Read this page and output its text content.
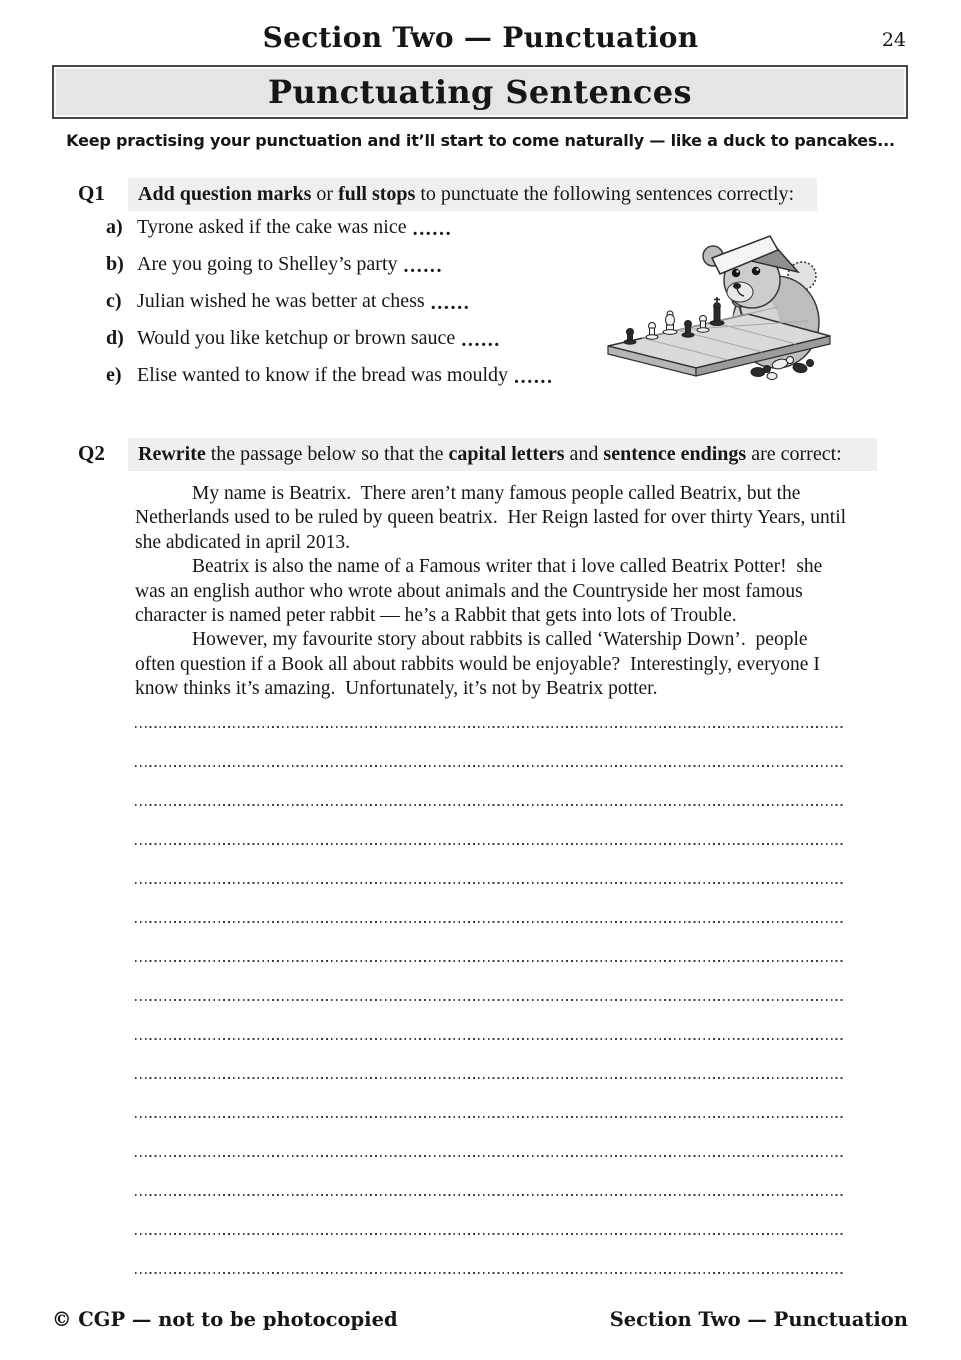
Section Two — Punctuation	24
Punctuating Sentences
Keep practising your punctuation and it’ll start to come naturally — like a duck to pancakes...
Q1	Add question marks or full stops to punctuate the following sentences correctly:
a) Tyrone asked if the cake was nice ......
b) Are you going to Shelley’s party ......
c) Julian wished he was better at chess ......
d) Would you like ketchup or brown sauce ......
e) Elise wanted to know if the bread was mouldy ......
Q2	Rewrite the passage below so that the capital letters and sentence endings are correct:

My name is Beatrix.  There aren’t many famous people called Beatrix, but the Netherlands used to be ruled by queen beatrix.  Her Reign lasted for over thirty Years, until she abdicated in april 2013.

Beatrix is also the name of a Famous writer that i love called Beatrix Potter!  she was an english author who wrote about animals and the Countryside her most famous character is named peter rabbit — he’s a Rabbit that gets into lots of Trouble.

However, my favourite story about rabbits is called ‘Watership Down’.  people often question if a Book all about rabbits would be enjoyable?  Interestingly, everyone I know thinks it’s amazing.  Unfortunately, it’s not by Beatrix potter.

© CGP — not to be photocopied	Section Two — Punctuation
